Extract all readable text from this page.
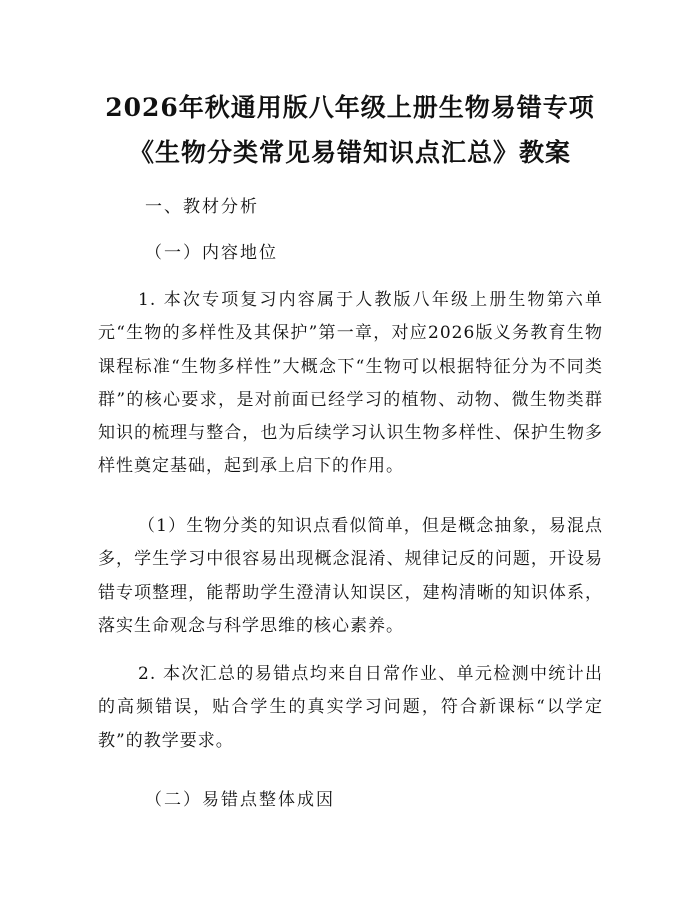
2026年秋通用版八年级上册生物易错专项
《生物分类常见易错知识点汇总》教案
一、教材分析
（一）内容地位

1. 本次专项复习内容属于人教版八年级上册生物第六单元“生物的多样性及其保护”第一章，对应2026版义务教育生物课程标准“生物多样性”大概念下“生物可以根据特征分为不同类群”的核心要求，是对前面已经学习的植物、动物、微生物类群知识的梳理与整合，也为后续学习认识生物多样性、保护生物多样性奠定基础，起到承上启下的作用。

（1）生物分类的知识点看似简单，但是概念抽象，易混点多，学生学习中很容易出现概念混淆、规律记反的问题，开设易错专项整理，能帮助学生澄清认知误区，建构清晰的知识体系，落实生命观念与科学思维的核心素养。

2. 本次汇总的易错点均来自日常作业、单元检测中统计出的高频错误，贴合学生的真实学习问题，符合新课标“以学定教”的教学要求。

（二）易错点整体成因
